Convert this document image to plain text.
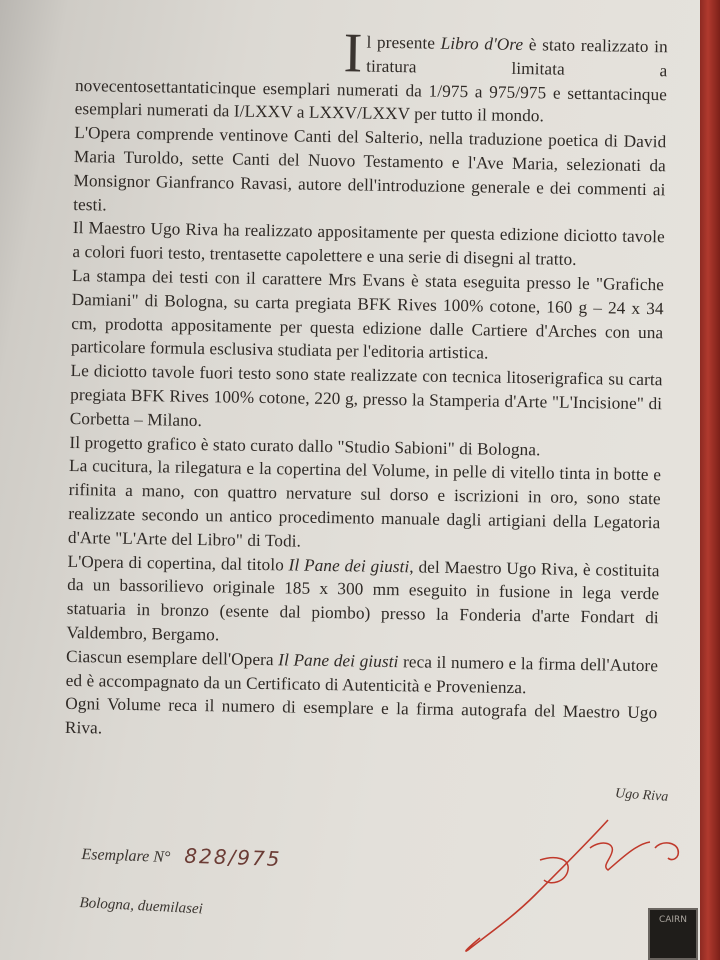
Il presente Libro d'Ore è stato realizzato in tiratura limitata a novecentosettantaticinque esemplari numerati da 1/975 a 975/975 e settantacinque esemplari numerati da I/LXXV a LXXV/LXXV per tutto il mondo.

L'Opera comprende ventinove Canti del Salterio, nella traduzione poetica di David Maria Turoldo, sette Canti del Nuovo Testamento e l'Ave Maria, selezionati da Monsignor Gianfranco Ravasi, autore dell'introduzione generale e dei commenti ai testi.

Il Maestro Ugo Riva ha realizzato appositamente per questa edizione diciotto tavole a colori fuori testo, trentasette capolettere e una serie di disegni al tratto.

La stampa dei testi con il carattere Mrs Evans è stata eseguita presso le "Grafiche Damiani" di Bologna, su carta pregiata BFK Rives 100% cotone, 160 g – 24 x 34 cm, prodotta appositamente per questa edizione dalle Cartiere d'Arches con una particolare formula esclusiva studiata per l'editoria artistica.

Le diciotto tavole fuori testo sono state realizzate con tecnica litoserigrafica su carta pregiata BFK Rives 100% cotone, 220 g, presso la Stamperia d'Arte "L'Incisione" di Corbetta – Milano.

Il progetto grafico è stato curato dallo "Studio Sabioni" di Bologna.

La cucitura, la rilegatura e la copertina del Volume, in pelle di vitello tinta in botte e rifinita a mano, con quattro nervature sul dorso e iscrizioni in oro, sono state realizzate secondo un antico procedimento manuale dagli artigiani della Legatoria d'Arte "L'Arte del Libro" di Todi.

L'Opera di copertina, dal titolo Il Pane dei giusti, del Maestro Ugo Riva, è costituita da un bassorilievo originale 185 x 300 mm eseguito in fusione in lega verde statuaria in bronzo (esente dal piombo) presso la Fonderia d'arte Fondart di Valdembro, Bergamo.

Ciascun esemplare dell'Opera Il Pane dei giusti reca il numero e la firma dell'Autore ed è accompagnato da un Certificato di Autenticità e Provenienza.

Ogni Volume reca il numero di esemplare e la firma autografa del Maestro Ugo Riva.

Ugo Riva
Esemplare N° 828/975
Bologna, duemilasei
CAIRN
